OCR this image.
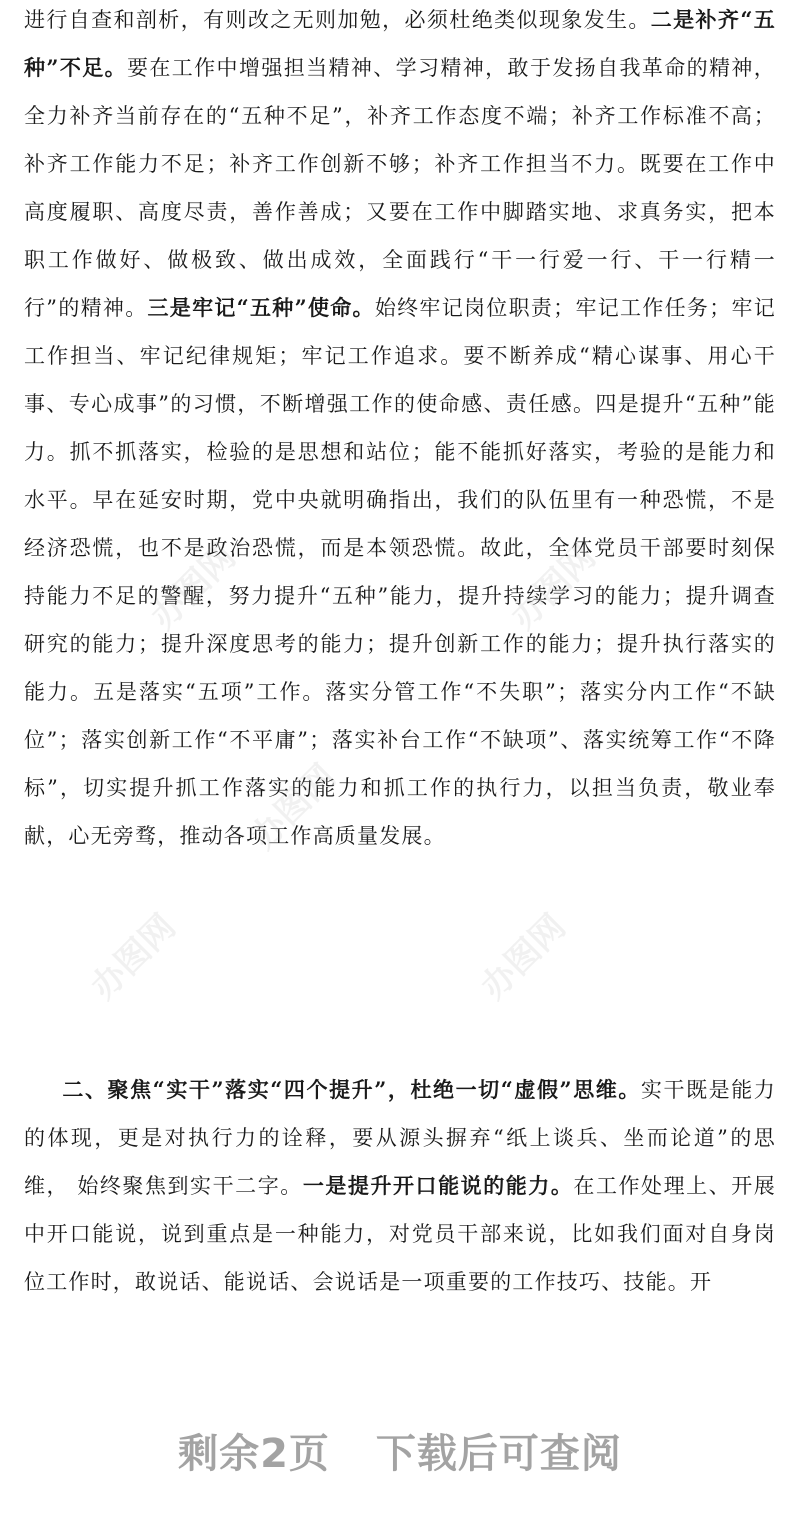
进行自查和剖析，有则改之无则加勉，必须杜绝类似现象发生。二是补齐“五种”不足。要在工作中增强担当精神、学习精神，敢于发扬自我革命的精神，全力补齐当前存在的“五种不足”，补齐工作态度不端；补齐工作标准不高；补齐工作能力不足；补齐工作创新不够；补齐工作担当不力。既要在工作中高度履职、高度尽责，善作善成；又要在工作中脚踏实地、求真务实，把本职工作做好、做极致、做出成效，全面践行“干一行爱一行、干一行精一行”的精神。三是牢记“五种”使命。始终牢记岗位职责；牢记工作任务；牢记工作担当、牢记纪律规矩；牢记工作追求。要不断养成“精心谋事、用心干事、专心成事”的习惯，不断增强工作的使命感、责任感。四是提升“五种”能力。抓不抓落实，检验的是思想和站位；能不能抓好落实，考验的是能力和水平。早在延安时期，党中央就明确指出，我们的队伍里有一种恐慌，不是经济恐慌，也不是政治恐慌，而是本领恐慌。故此，全体党员干部要时刻保持能力不足的警醒，努力提升“五种”能力，提升持续学习的能力；提升调查研究的能力；提升深度思考的能力；提升创新工作的能力；提升执行落实的能力。五是落实“五项”工作。落实分管工作“不失职”；落实分内工作“不缺位”；落实创新工作“不平庸”；落实补台工作“不缺项”、落实统筹工作“不降标”，切实提升抓工作落实的能力和抓工作的执行力，以担当负责，敬业奉献，心无旁骛，推动各项工作高质量发展。

二、聚焦“实干”落实“四个提升”，杜绝一切“虚假”思维。实干既是能力的体现，更是对执行力的诠释，要从源头摒弃“纸上谈兵、坐而论道”的思维， 始终聚焦到实干二字。一是提升开口能说的能力。在工作处理上、开展中开口能说，说到重点是一种能力，对党员干部来说，比如我们面对自身岗位工作时，敢说话、能说话、会说话是一项重要的工作技巧、技能。开

办图网	办图网
办图网
办图网	办图网
剩余2页 下载后可查阅
